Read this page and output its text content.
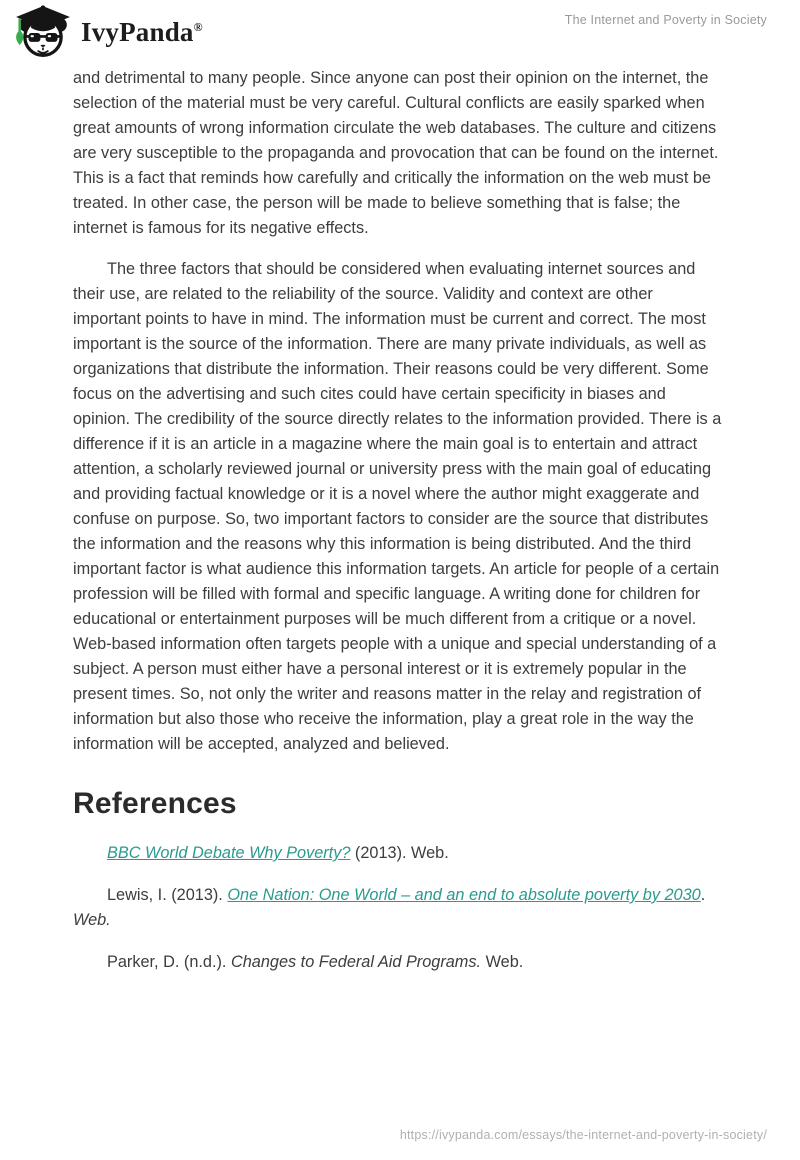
IvyPanda®	The Internet and Poverty in Society

and detrimental to many people. Since anyone can post their opinion on the internet, the selection of the material must be very careful. Cultural conflicts are easily sparked when great amounts of wrong information circulate the web databases. The culture and citizens are very susceptible to the propaganda and provocation that can be found on the internet. This is a fact that reminds how carefully and critically the information on the web must be treated. In other case, the person will be made to believe something that is false; the internet is famous for its negative effects.

The three factors that should be considered when evaluating internet sources and their use, are related to the reliability of the source. Validity and context are other important points to have in mind. The information must be current and correct. The most important is the source of the information. There are many private individuals, as well as organizations that distribute the information. Their reasons could be very different. Some focus on the advertising and such cites could have certain specificity in biases and opinion. The credibility of the source directly relates to the information provided. There is a difference if it is an article in a magazine where the main goal is to entertain and attract attention, a scholarly reviewed journal or university press with the main goal of educating and providing factual knowledge or it is a novel where the author might exaggerate and confuse on purpose. So, two important factors to consider are the source that distributes the information and the reasons why this information is being distributed. And the third important factor is what audience this information targets. An article for people of a certain profession will be filled with formal and specific language. A writing done for children for educational or entertainment purposes will be much different from a critique or a novel. Web-based information often targets people with a unique and special understanding of a subject. A person must either have a personal interest or it is extremely popular in the present times. So, not only the writer and reasons matter in the relay and registration of information but also those who receive the information, play a great role in the way the information will be accepted, analyzed and believed.

References

BBC World Debate Why Poverty? (2013). Web.

Lewis, I. (2013). One Nation: One World – and an end to absolute poverty by 2030. Web.

Parker, D. (n.d.). Changes to Federal Aid Programs. Web.

https://ivypanda.com/essays/the-internet-and-poverty-in-society/
